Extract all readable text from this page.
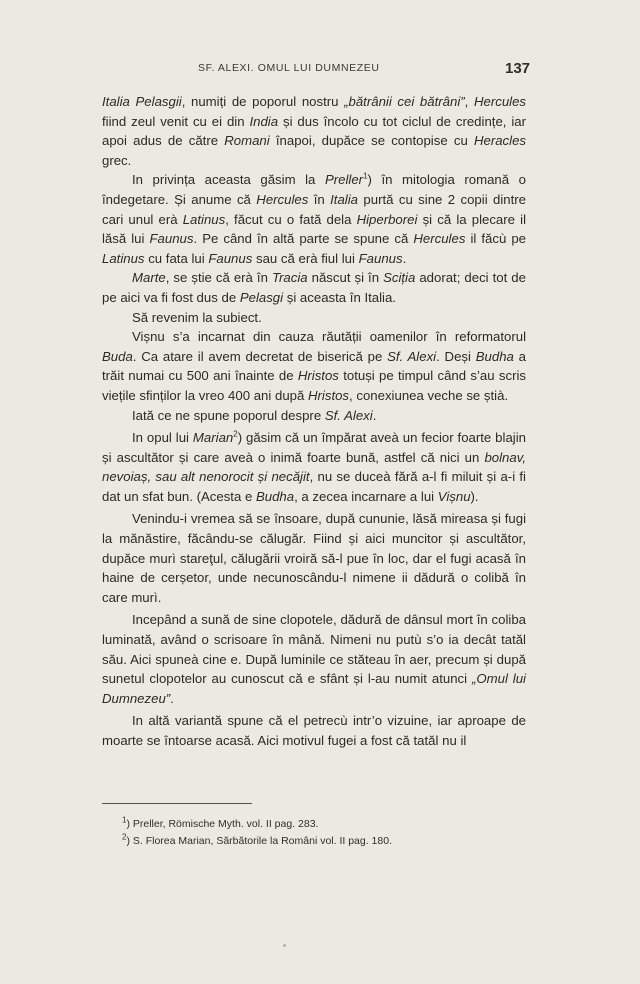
SF. ALEXI. OMUL LUI DUMNEZEU	137

Italia Pelasgii, numiți de poporul nostru „bătrânii cei bătrâni”, Hercules fiind zeul venit cu ei din India și dus încolo cu tot ciclul de credințe, iar apoi adus de către Romani înapoi, dupăce se contopise cu Heracles grec.

In privința aceasta găsim la Preller$^1$) în mitologia romană o îndegetare. Și anume că Hercules în Italia purtă cu sine 2 copii dintre cari unul erà Latinus, făcut cu o fată dela Hiperborei și că la plecare il lăsă lui Faunus. Pe când în altă parte se spune că Hercules il făcù pe Latinus cu fata lui Faunus sau că erà fiul lui Faunus.

Marte, se știe că erà în Tracia născut și în Sciția adorat; deci tot de pe aici va fi fost dus de Pelasgi și aceasta în Italia.

Să revenim la subiect.

Vișnu s’a incarnat din cauza răutății oamenilor în reformatorul Buda. Ca atare il avem decretat de biserică pe Sf. Alexi. Deși Budha a trăit numai cu 500 ani înainte de Hristos totuși pe timpul când s’au scris viețile sfinților la vreo 400 ani după Hristos, conexiunea veche se știà.

Iată ce ne spune poporul despre Sf. Alexi.

In opul lui Marian$^2$) găsim că un împărat aveà un fecior foarte blajin și ascultător și care aveà o inimă foarte bună, astfel că nici un bolnav, nevoiaș, sau alt nenorocit și necăjit, nu se duceà fără a-l fi miluit și a-i fi dat un sfat bun. (Acesta e Budha, a zecea incarnare a lui Vișnu).

Venindu-i vremea să se însoare, după cununie, lăsă mireasa și fugi la mănăstire, făcându-se călugăr. Fiind și aici muncitor și ascultător, dupăce murì stareţul, călugării vroiră să-l pue în loc, dar el fugi acasă în haine de cerșetor, unde necunoscându-l nimene ii dădură o colibă în care murì.

Incepând a sună de sine clopotele, dădură de dânsul mort în coliba luminată, având o scrisoare în mână. Nimeni nu putù s’o ia decât tatăl său. Aici spuneà cine e. După luminile ce stăteau în aer, precum și după sunetul clopotelor au cunoscut că e sfânt și l-au numit atunci „Omul lui Dumnezeu”.

In altă variantă spune că el petrecù intr’o vizuine, iar aproape de moarte se întoarse acasă. Aici motivul fugei a fost că tatăl nu il

$^1$) Preller, Römische Myth. vol. II pag. 283.
$^2$) S. Florea Marian, Sărbătorile la Români vol. II pag. 180.
